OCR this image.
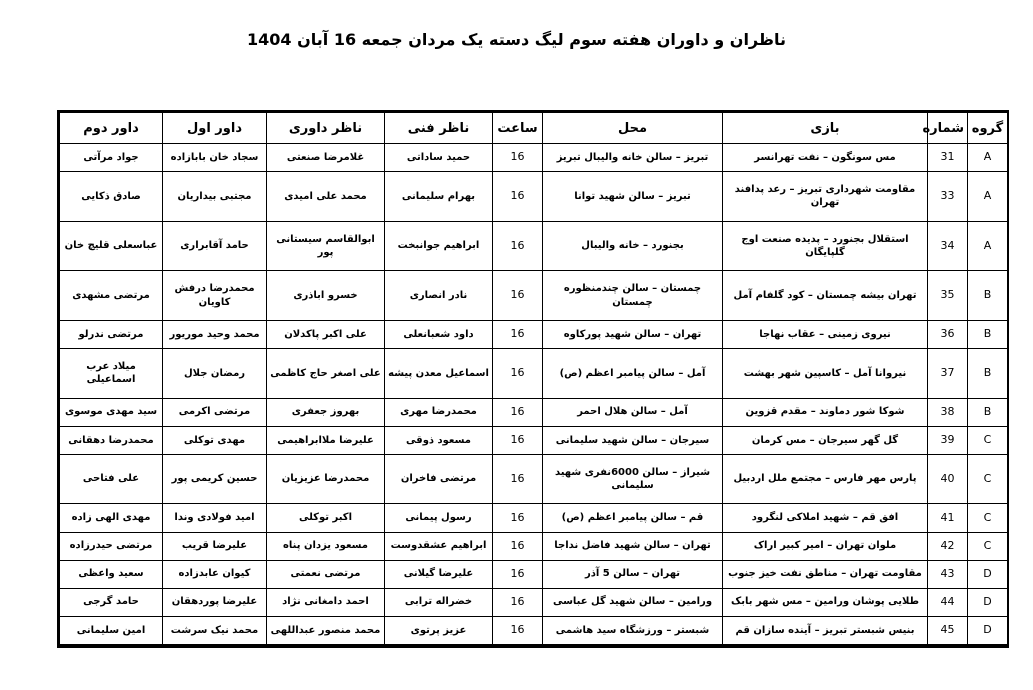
ناظران و داوران هفته سوم لیگ دسته یک مردان جمعه 16 آبان 1404
گروه	شماره	بازی	محل	ساعت	ناظر فنی	ناظر داوری	داور اول	داور دوم
A	31	مس سونگون – نفت تهرانسر	تبریز – سالن خانه والیبال تبریز	16	حمید ساداتی	غلامرضا صنعتی	سجاد خان بابازاده	جواد مرآتی
A	33	مقاومت شهرداری تبریز – رعد پدافند تهران	تبریز – سالن شهید توانا	16	بهرام سلیمانی	محمد علی امیدی	مجتبی بیداریان	صادق ذکایی
A	34	استقلال بجنورد – پدیده صنعت اوج گلپایگان	بجنورد – خانه والیبال	16	ابراهیم جوانبخت	ابوالقاسم سیستانی پور	حامد آقابراری	عباسعلی قلیچ خان
B	35	تهران بیشه چمستان – کود گلفام آمل	چمستان – سالن چندمنظوره چمستان	16	نادر انصاری	خسرو اباذری	محمدرضا درفش کاویان	مرتضی مشهدی
B	36	نیروی زمینی – عقاب نهاجا	تهران – سالن شهید پورکاوه	16	داود شعبانعلی	علی اکبر پاکدلان	محمد وحید موریور	مرتضی ندرلو
B	37	نیروانا آمل – کاسپین شهر بهشت	آمل – سالن پیامبر اعظم (ص)	16	اسماعیل معدن پیشه	علی اصغر حاج کاظمی	رمضان جلال	میلاد عرب اسماعیلی
B	38	شوکا شور دماوند – مقدم قزوین	آمل – سالن هلال احمر	16	محمدرضا مهری	بهروز جعفری	مرتضی اکرمی	سید مهدی موسوی
C	39	گل گهر سیرجان – مس کرمان	سیرجان – سالن شهید سلیمانی	16	مسعود ذوقی	علیرضا ملاابراهیمی	مهدی توکلی	محمدرضا دهقانی
C	40	پارس مهر فارس – مجتمع ملل اردبیل	شیراز – سالن 6000نفری شهید سلیمانی	16	مرتضی فاخران	محمدرضا عزیزیان	حسین کریمی پور	علی فتاحی
C	41	افق قم – شهید املاکی لنگرود	قم – سالن پیامبر اعظم (ص)	16	رسول پیمانی	اکبر توکلی	امید فولادی وندا	مهدی الهی زاده
C	42	ملوان تهران – امیر کبیر اراک	تهران – سالن شهید فاضل نداجا	16	ابراهیم عشقدوست	مسعود یزدان پناه	علیرضا قریب	مرتضی حیدرزاده
D	43	مقاومت تهران – مناطق نفت خیز جنوب	تهران – سالن 5 آذر	16	علیرضا گیلانی	مرتضی نعمتی	کیوان عابدزاده	سعید واعظی
D	44	طلایی پوشان ورامین – مس شهر بابک	ورامین – سالن شهید گل عباسی	16	خضراله ترابی	احمد دامغانی نژاد	علیرضا پوردهقان	حامد گرجی
D	45	بنیس شبستر تبریز – آینده سازان قم	شبستر – ورزشگاه سید هاشمی	16	عزیز پرتوی	محمد منصور عبداللهی	محمد نیک سرشت	امین سلیمانی
